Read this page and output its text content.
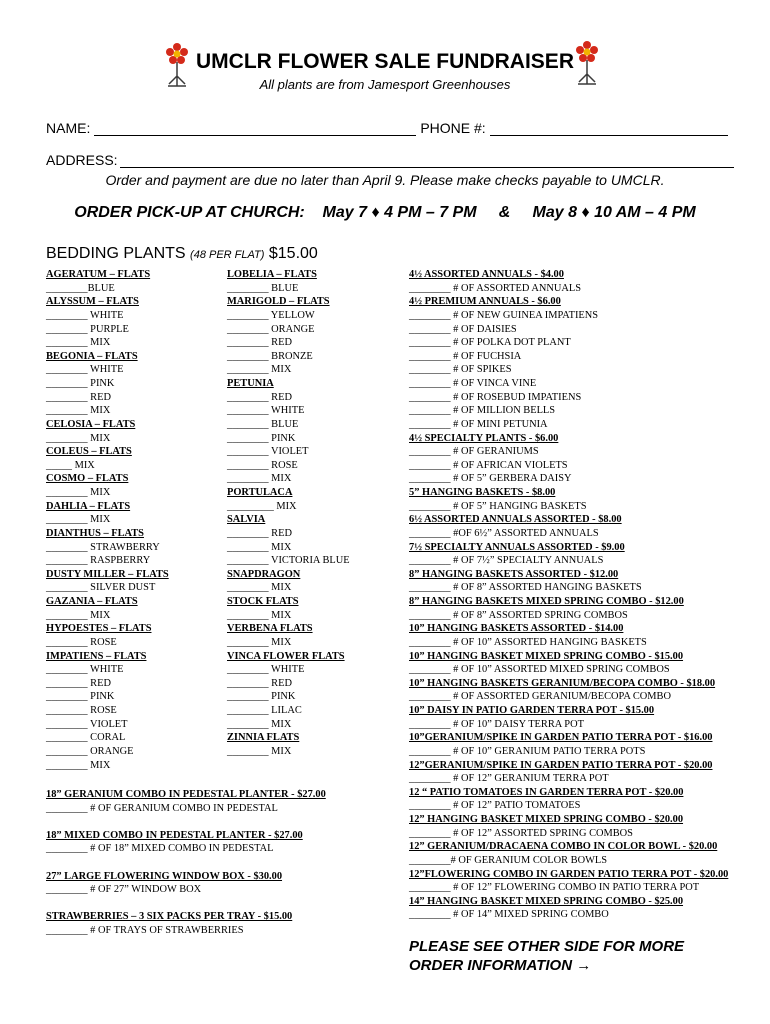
UMCLR FLOWER SALE FUNDRAISER
All plants are from Jamesport Greenhouses
NAME:	PHONE #:
ADDRESS:
Order and payment are due no later than April 9. Please make checks payable to UMCLR.
ORDER PICK-UP AT CHURCH:    May 7 ♦ 4 PM – 7 PM     &     May 8 ♦ 10 AM – 4 PM
BEDDING PLANTS (48 PER FLAT) $15.00
AGERATUM – FLATS
________BLUE
ALYSSUM – FLATS
________ WHITE
________ PURPLE
________ MIX
BEGONIA – FLATS
________ WHITE
________ PINK
________ RED
________ MIX
CELOSIA – FLATS
________ MIX
COLEUS – FLATS
_____ MIX
COSMO – FLATS
________ MIX
DAHLIA – FLATS
________ MIX
DIANTHUS – FLATS
________ STRAWBERRY
________ RASPBERRY
DUSTY MILLER – FLATS
________ SILVER DUST
GAZANIA – FLATS
________ MIX
HYPOESTES – FLATS
________ ROSE
IMPATIENS – FLATS
________ WHITE
________ RED
________ PINK
________ ROSE
________ VIOLET
________ CORAL
________ ORANGE
________ MIX
LOBELIA – FLATS
________ BLUE
MARIGOLD – FLATS
________ YELLOW
________ ORANGE
________ RED
________ BRONZE
________ MIX
PETUNIA
________ RED
________ WHITE
________ BLUE
________ PINK
________ VIOLET
________ ROSE
________ MIX
PORTULACA
_________ MIX
SALVIA
________ RED
________ MIX
________ VICTORIA BLUE
SNAPDRAGON
________ MIX
STOCK FLATS
________ MIX
VERBENA FLATS
________ MIX
VINCA FLOWER FLATS
________ WHITE
________ RED
________ PINK
________ LILAC
________ MIX
ZINNIA FLATS
________ MIX
4½ ASSORTED ANNUALS - $4.00
________ # OF ASSORTED ANNUALS
4½ PREMIUM ANNUALS - $6.00
________ # OF NEW GUINEA IMPATIENS
________ # OF DAISIES
________ # OF POLKA DOT PLANT
________ # OF FUCHSIA
________ # OF SPIKES
________ # OF VINCA VINE
________ # OF ROSEBUD IMPATIENS
________ # OF MILLION BELLS
________ # OF MINI PETUNIA
4½ SPECIALTY PLANTS - $6.00
________ # OF GERANIUMS
________ # OF AFRICAN VIOLETS
________ # OF 5” GERBERA DAISY
5” HANGING BASKETS - $8.00
________ # OF 5” HANGING BASKETS
6½ ASSORTED ANNUALS ASSORTED - $8.00
________ #OF 6½” ASSORTED ANNUALS
7½ SPECIALTY ANNUALS ASSORTED - $9.00
________ # OF 7½” SPECIALTY ANNUALS
8” HANGING BASKETS ASSORTED - $12.00
________ # OF 8” ASSORTED HANGING BASKETS
8” HANGING BASKETS MIXED SPRING COMBO - $12.00
________ # OF 8” ASSORTED SPRING COMBOS
10” HANGING BASKETS ASSORTED - $14.00
________ # OF 10” ASSORTED HANGING BASKETS
10” HANGING BASKET MIXED SPRING COMBO - $15.00
________ # OF 10” ASSORTED MIXED SPRING COMBOS
10” HANGING BASKETS GERANIUM/BECOPA COMBO - $18.00
________ # OF ASSORTED GERANIUM/BECOPA COMBO
10” DAISY IN PATIO GARDEN TERRA POT - $15.00
________ # OF 10” DAISY TERRA POT
10”GERANIUM/SPIKE IN GARDEN PATIO TERRA POT - $16.00
________ # OF 10” GERANIUM PATIO TERRA POTS
12”GERANIUM/SPIKE IN GARDEN PATIO TERRA POT - $20.00
________ # OF 12” GERANIUM TERRA POT
12 “ PATIO TOMATOES IN GARDEN TERRA POT - $20.00
________ # OF 12” PATIO TOMATOES
12” HANGING BASKET MIXED SPRING COMBO - $20.00
________ # OF 12” ASSORTED SPRING COMBOS
12” GERANIUM/DRACAENA COMBO IN COLOR BOWL - $20.00
________# OF GERANIUM COLOR BOWLS
12”FLOWERING COMBO IN GARDEN PATIO TERRA POT - $20.00
________ # OF 12” FLOWERING COMBO IN PATIO TERRA POT
14” HANGING BASKET MIXED SPRING COMBO - $25.00
________ # OF 14” MIXED SPRING COMBO
18” GERANIUM COMBO IN PEDESTAL PLANTER - $27.00
________ # OF GERANIUM COMBO IN PEDESTAL
18” MIXED COMBO IN PEDESTAL PLANTER - $27.00
________ # OF 18” MIXED COMBO IN PEDESTAL
27” LARGE FLOWERING WINDOW BOX - $30.00
________ # OF 27” WINDOW BOX
STRAWBERRIES – 3 SIX PACKS PER TRAY - $15.00
________ # OF TRAYS OF STRAWBERRIES
PLEASE SEE OTHER SIDE FOR MORE
ORDER INFORMATION →
